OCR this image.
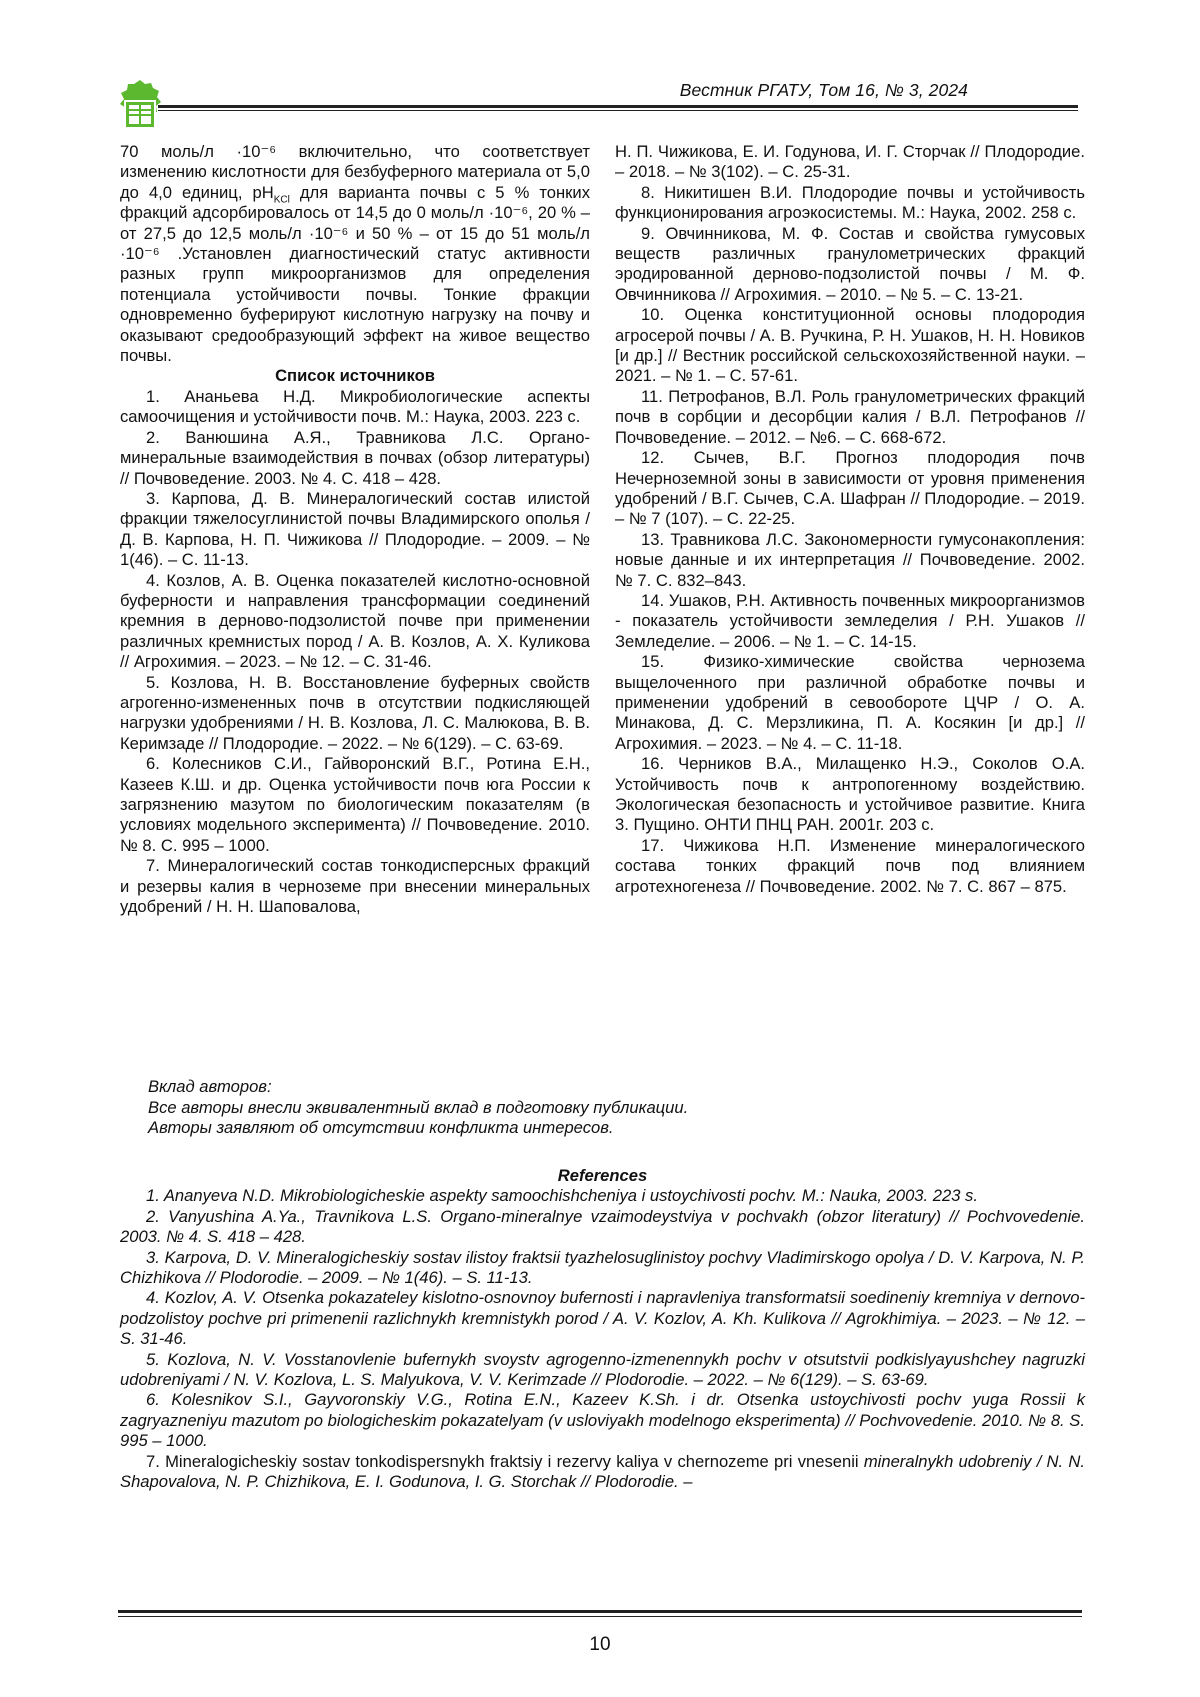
Вестник РГАТУ, Том 16, № 3, 2024

70 моль/л ·10⁻⁶ включительно, что соответствует изменению кислотности для безбуферного материала от 5,0 до 4,0 единиц, $pH_{KCl}$ для варианта почвы с 5 % тонких фракций адсорбировалось от 14,5 до 0 моль/л ·10⁻⁶, 20 % – от 27,5 до 12,5 моль/л ·10⁻⁶ и 50 % – от 15 до 51 моль/л ·10⁻⁶ .Установлен диагностический статус активности разных групп микроорганизмов для определения потенциала устойчивости почвы. Тонкие фракции одновременно буферируют кислотную нагрузку на почву и оказывают средообразующий эффект на живое вещество почвы.

Список источников

1. Ананьева Н.Д. Микробиологические аспекты самоочищения и устойчивости почв. М.: Наука, 2003. 223 с.

2. Ванюшина А.Я., Травникова Л.С. Органо-минеральные взаимодействия в почвах (обзор литературы) // Почвоведение. 2003. № 4. С. 418 – 428.

3. Карпова, Д. В. Минералогический состав илистой фракции тяжелосуглинистой почвы Владимирского ополья / Д. В. Карпова, Н. П. Чижикова // Плодородие. – 2009. – № 1(46). – С. 11-13.

4. Козлов, А. В. Оценка показателей кислотно-основной буферности и направления трансформации соединений кремния в дерново-подзолистой почве при применении различных кремнистых пород / А. В. Козлов, А. Х. Куликова // Агрохимия. – 2023. – № 12. – С. 31-46.

5. Козлова, Н. В. Восстановление буферных свойств агрогенно-измененных почв в отсутствии подкисляющей нагрузки удобрениями / Н. В. Козлова, Л. С. Малюкова, В. В. Керимзаде // Плодородие. – 2022. – № 6(129). – С. 63-69.

6. Колесников С.И., Гайворонский В.Г., Ротина Е.Н., Казеев К.Ш. и др. Оценка устойчивости почв юга России к загрязнению мазутом по биологическим показателям (в условиях модельного эксперимента) // Почвоведение. 2010. № 8. С. 995 – 1000.

7. Минералогический состав тонкодисперсных фракций и резервы калия в черноземе при внесении минеральных удобрений / Н. Н. Шаповалова,

Н. П. Чижикова, Е. И. Годунова, И. Г. Сторчак // Плодородие. – 2018. – № 3(102). – С. 25-31.

8. Никитишен В.И. Плодородие почвы и устойчивость функционирования агроэкосистемы. М.: Наука, 2002. 258 с.

9. Овчинникова, М. Ф. Состав и свойства гумусовых веществ различных гранулометрических фракций эродированной дерново-подзолистой почвы / М. Ф. Овчинникова // Агрохимия. – 2010. – № 5. – С. 13-21.

10. Оценка конституционной основы плодородия агросерой почвы / А. В. Ручкина, Р. Н. Ушаков, Н. Н. Новиков [и др.] // Вестник российской сельскохозяйственной науки. – 2021. – № 1. – С. 57-61.

11. Петрофанов, В.Л. Роль гранулометрических фракций почв в сорбции и десорбции калия / В.Л. Петрофанов // Почвоведение. – 2012. – №6. – С. 668-672.

12. Сычев, В.Г. Прогноз плодородия почв Нечерноземной зоны в зависимости от уровня применения удобрений / В.Г. Сычев, С.А. Шафран // Плодородие. – 2019. – № 7 (107). – С. 22-25.

13. Травникова Л.С. Закономерности гумусонакопления: новые данные и их интерпретация // Почвоведение. 2002. № 7. С. 832–843.

14. Ушаков, Р.Н. Активность почвенных микроорганизмов - показатель устойчивости земледелия / Р.Н. Ушаков // Земледелие. – 2006. – № 1. – С. 14-15.

15. Физико-химические свойства чернозема выщелоченного при различной обработке почвы и применении удобрений в севообороте ЦЧР / О. А. Минакова, Д. С. Мерзликина, П. А. Косякин [и др.] // Агрохимия. – 2023. – № 4. – С. 11-18.

16. Черников В.А., Милащенко Н.Э., Соколов О.А. Устойчивость почв к антропогенному воздействию. Экологическая безопасность и устойчивое развитие. Книга 3. Пущино. ОНТИ ПНЦ РАН. 2001г. 203 с.

17. Чижикова Н.П. Изменение минералогического состава тонких фракций почв под влиянием агротехногенеза // Почвоведение. 2002. № 7. С. 867 – 875.

Вклад авторов:
Все авторы внесли эквивалентный вклад в подготовку публикации.
Авторы заявляют об отсутствии конфликта интересов.
References

1. Ananyeva N.D. Mikrobiologicheskie aspekty samoochishcheniya i ustoychivosti pochv. M.: Nauka, 2003. 223 s.

2. Vanyushina A.Ya., Travnikova L.S. Organo-mineralnye vzaimodeystviya v pochvakh (obzor literatury) // Pochvovedenie. 2003. № 4. S. 418 – 428.

3. Karpova, D. V. Mineralogicheskiy sostav ilistoy fraktsii tyazhelosuglinistoy pochvy Vladimirskogo opolya / D. V. Karpova, N. P. Chizhikova // Plodorodie. – 2009. – № 1(46). – S. 11-13.

4. Kozlov, A. V. Otsenka pokazateley kislotno-osnovnoy bufernosti i napravleniya transformatsii soedineniy kremniya v dernovo-podzolistoy pochve pri primenenii razlichnykh kremnistykh porod / A. V. Kozlov, A. Kh. Kulikova // Agrokhimiya. – 2023. – № 12. – S. 31-46.

5. Kozlova, N. V. Vosstanovlenie bufernykh svoystv agrogenno-izmenennykh pochv v otsutstvii podkislyayushchey nagruzki udobreniyami / N. V. Kozlova, L. S. Malyukova, V. V. Kerimzade // Plodorodie. – 2022. – № 6(129). – S. 63-69.

6. Kolesnikov S.I., Gayvoronskiy V.G., Rotina E.N., Kazeev K.Sh. i dr. Otsenka ustoychivosti pochv yuga Rossii k zagryazneniyu mazutom po biologicheskim pokazatelyam (v usloviyakh modelnogo eksperimenta) // Pochvovedenie. 2010. № 8. S. 995 – 1000.

7. Mineralogicheskiy sostav tonkodispersnykh fraktsiy i rezervy kaliya v chernozeme pri vnesenii mineralnykh udobreniy / N. N. Shapovalova, N. P. Chizhikova, E. I. Godunova, I. G. Storchak // Plodorodie. –

10
